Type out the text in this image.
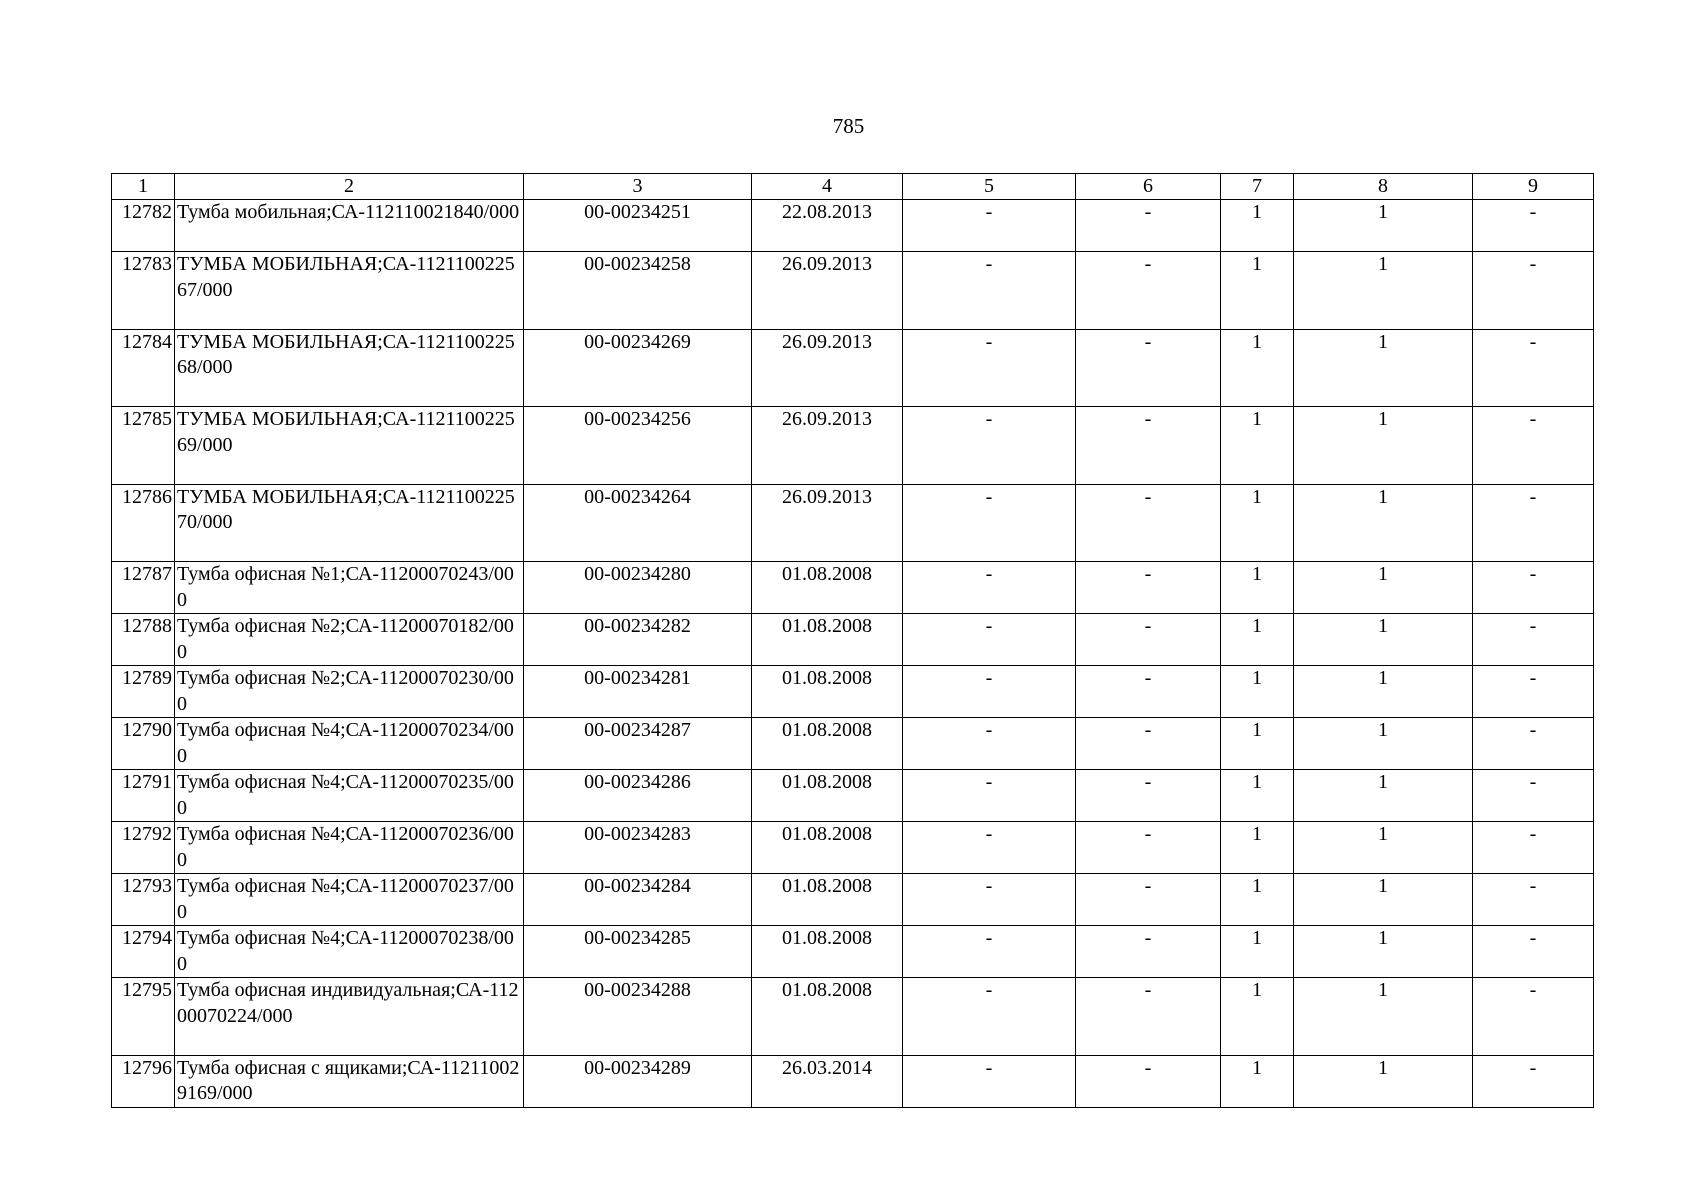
785
1	2	3	4	5	6	7	8	9
12782	Тумба мобильная;СА-112110021840/000	00-00234251	22.08.2013	-	-	1	1	-
12783	ТУМБА МОБИЛЬНАЯ;СА-112110022567/000	00-00234258	26.09.2013	-	-	1	1	-
12784	ТУМБА МОБИЛЬНАЯ;СА-112110022568/000	00-00234269	26.09.2013	-	-	1	1	-
12785	ТУМБА МОБИЛЬНАЯ;СА-112110022569/000	00-00234256	26.09.2013	-	-	1	1	-
12786	ТУМБА МОБИЛЬНАЯ;СА-112110022570/000	00-00234264	26.09.2013	-	-	1	1	-
12787	Тумба офисная №1;СА-11200070243/000	00-00234280	01.08.2008	-	-	1	1	-
12788	Тумба офисная №2;СА-11200070182/000	00-00234282	01.08.2008	-	-	1	1	-
12789	Тумба офисная №2;СА-11200070230/000	00-00234281	01.08.2008	-	-	1	1	-
12790	Тумба офисная №4;СА-11200070234/000	00-00234287	01.08.2008	-	-	1	1	-
12791	Тумба офисная №4;СА-11200070235/000	00-00234286	01.08.2008	-	-	1	1	-
12792	Тумба офисная №4;СА-11200070236/000	00-00234283	01.08.2008	-	-	1	1	-
12793	Тумба офисная №4;СА-11200070237/000	00-00234284	01.08.2008	-	-	1	1	-
12794	Тумба офисная №4;СА-11200070238/000	00-00234285	01.08.2008	-	-	1	1	-
12795	Тумба офисная индивидуальная;СА-11200070224/000	00-00234288	01.08.2008	-	-	1	1	-
12796	Тумба офисная с ящиками;СА-112110029169/000	00-00234289	26.03.2014	-	-	1	1	-
